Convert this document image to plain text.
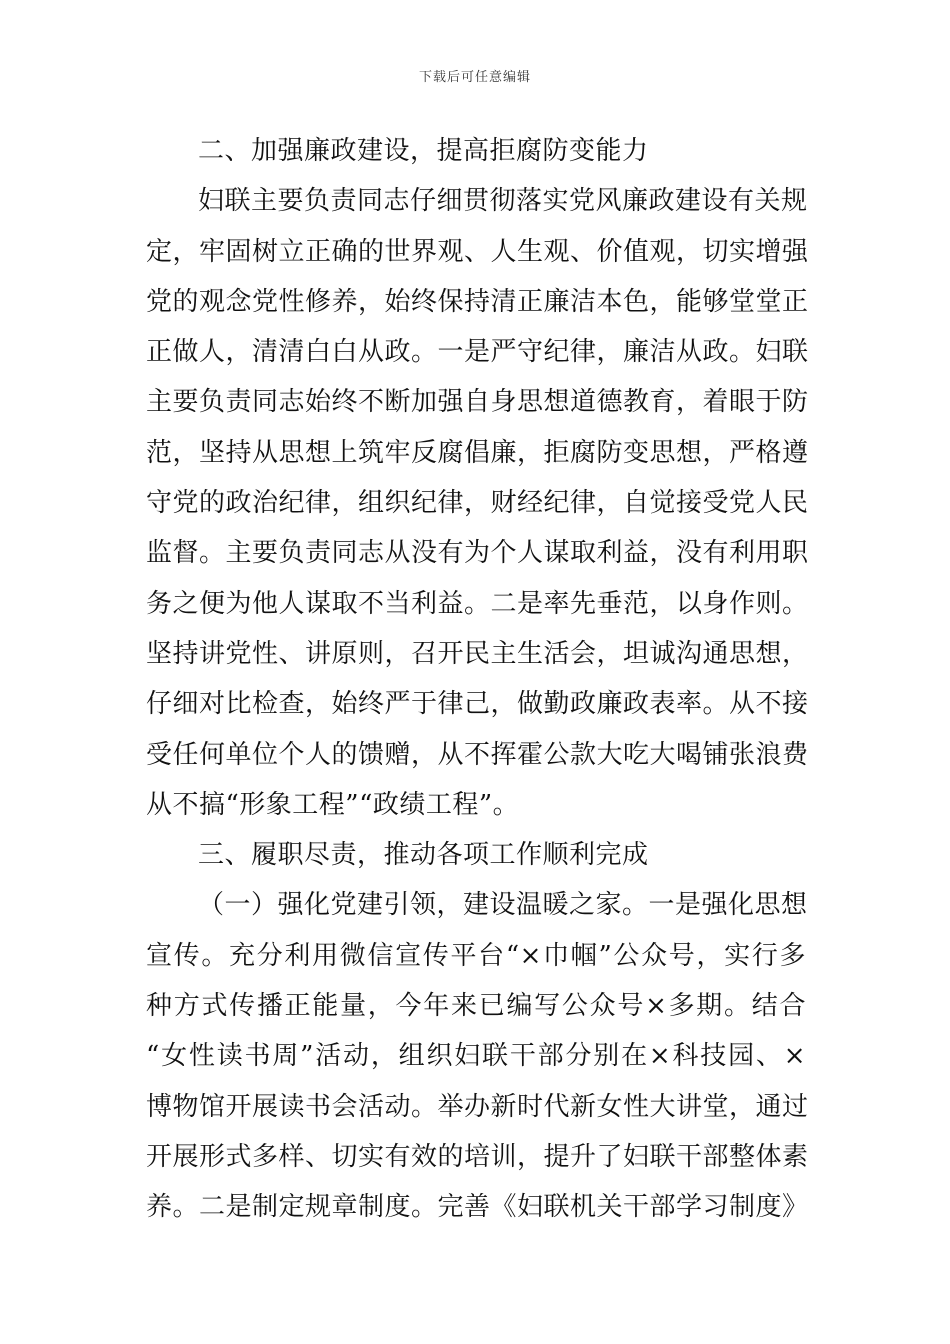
下载后可任意编辑
二、加强廉政建设，提高拒腐防变能力
妇联主要负责同志仔细贯彻落实党风廉政建设有关规
定，牢固树立正确的世界观、人生观、价值观，切实增强
党的观念党性修养，始终保持清正廉洁本色，能够堂堂正
正做人，清清白白从政。一是严守纪律，廉洁从政。妇联
主要负责同志始终不断加强自身思想道德教育，着眼于防
范，坚持从思想上筑牢反腐倡廉，拒腐防变思想，严格遵
守党的政治纪律，组织纪律，财经纪律，自觉接受党人民
监督。主要负责同志从没有为个人谋取利益，没有利用职
务之便为他人谋取不当利益。二是率先垂范，以身作则。
坚持讲党性、讲原则，召开民主生活会，坦诚沟通思想，
仔细对比检查，始终严于律己，做勤政廉政表率。从不接
受任何单位个人的馈赠，从不挥霍公款大吃大喝铺张浪费
从不搞“形象工程”“政绩工程”。
三、履职尽责，推动各项工作顺利完成
（一）强化党建引领，建设温暖之家。一是强化思想
宣传。充分利用微信宣传平台“×巾帼”公众号，实行多
种方式传播正能量，今年来已编写公众号×多期。结合
“女性读书周”活动，组织妇联干部分别在×科技园、×
博物馆开展读书会活动。举办新时代新女性大讲堂，通过
开展形式多样、切实有效的培训，提升了妇联干部整体素
养。二是制定规章制度。完善《妇联机关干部学习制度》
